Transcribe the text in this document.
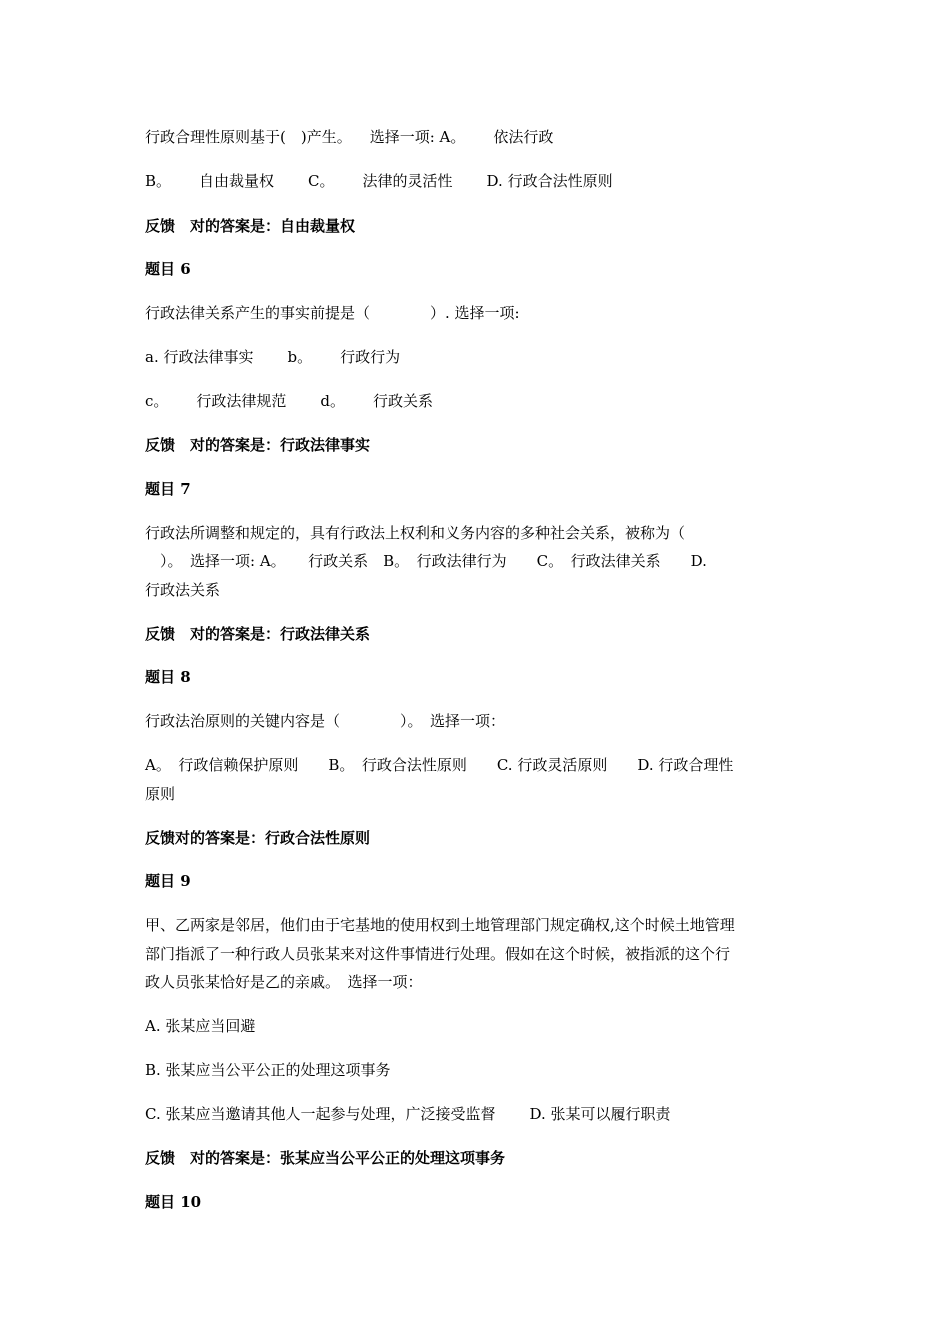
行政合理性原则基于(　)产生。 选择一项: A。 依法行政
B。 自由裁量权 C。 法律的灵活性 D. 行政合法性原则
反馈　对的答案是：自由裁量权
题目 6
行政法律关系产生的事实前提是（　　　　）. 选择一项:
a. 行政法律事实 b。 行政行为
c。 行政法律规范 d。 行政关系
反馈　对的答案是：行政法律事实
题目 7
行政法所调整和规定的，具有行政法上权利和义务内容的多种社会关系，被称为（
　）。　选择一项: A。　　行政关系　B。　行政法律行为　　C。　行政法律关系　　D.
行政法关系
反馈　对的答案是：行政法律关系
题目 8
行政法治原则的关键内容是（　　　　）。　选择一项：
A。　行政信赖保护原则　　B。　行政合法性原则　　C. 行政灵活原则　　D. 行政合理性
原则
反馈对的答案是：行政合法性原则
题目 9
甲、乙两家是邻居，他们由于宅基地的使用权到土地管理部门规定确权,这个时候土地管理
部门指派了一种行政人员张某来对这件事情进行处理。假如在这个时候，被指派的这个行
政人员张某恰好是乙的亲戚。　选择一项：
A. 张某应当回避
B. 张某应当公平公正的处理这项事务
C. 张某应当邀请其他人一起参与处理，广泛接受监督 D. 张某可以履行职责
反馈　对的答案是：张某应当公平公正的处理这项事务
题目 10
